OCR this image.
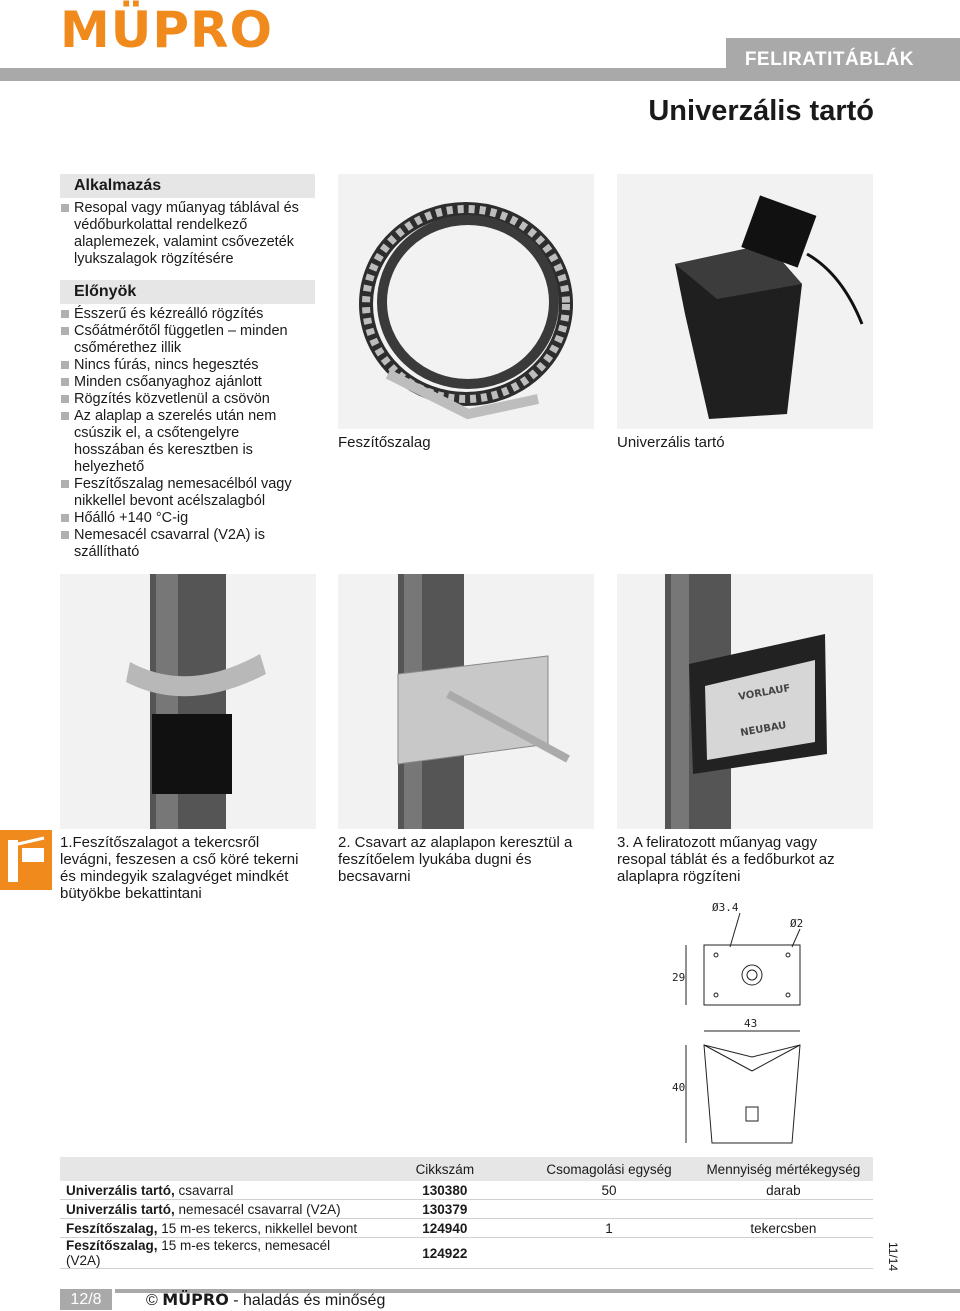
MÜPRO
FELIRATITÁBLÁK
Univerzális tartó
Alkalmazás
Resopal vagy műanyag táblával és védőburkolattal rendelkező alaplemezek, valamint csővezeték lyukszalagok rögzítésére
Előnyök
Ésszerű és kézreálló rögzítés
Csőátmérőtől független – minden csőmérethez illik
Nincs fúrás, nincs hegesztés
Minden csőanyaghoz ajánlott
Rögzítés közvetlenül a csövön
Az alaplap a szerelés után nem csúszik el, a csőtengelyre hosszában és keresztben is helyezhető
Feszítőszalag nemesacélból vagy nikkellel bevont acélszalagból
Hőálló +140 °C-ig
Nemesacél csavarral (V2A) is szállítható
Feszítőszalag	Univerzális tartó
VORLAUF
NEUBAU
1.Feszítőszalagot a tekercsről levágni, feszesen a cső köré tekerni és mindegyik szalagvéget mindkét bütyökbe bekattintani
2. Csavart az alaplapon keresztül a feszítőelem lyukába dugni és becsavarni
3. A feliratozott műanyag vagy resopal táblát és a fedőburkot az alaplapra rögzíteni
Ø3.4
Ø2
29
43
40
	Cikkszám	Csomagolási egység	Mennyiség mértékegység
Univerzális tartó, csavarral	130380	50	darab
Univerzális tartó, nemesacél csavarral (V2A)	130379		
Feszítőszalag, 15 m-es tekercs, nikkellel bevont	124940	1	tekercsben
Feszítőszalag, 15 m-es tekercs, nemesacél (V2A)	124922			11/14
12/8	© MÜPRO - haladás és minőség
